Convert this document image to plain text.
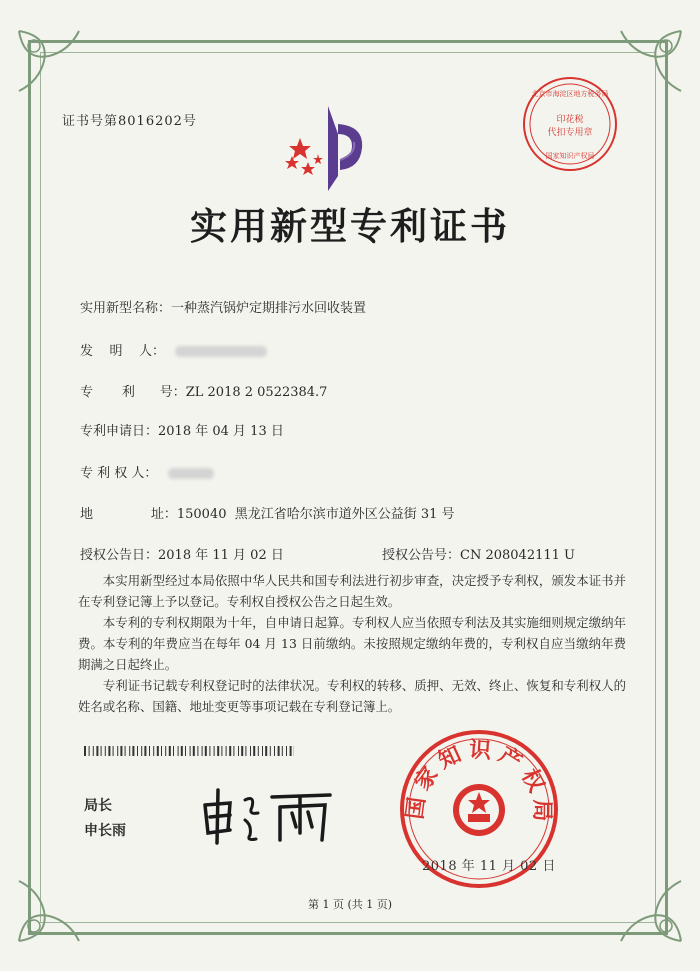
证书号第8016202号
北京市海淀区地方税务局
印花税
代扣专用章
国家知识产权局
实用新型专利证书
实用新型名称：一种蒸汽锅炉定期排污水回收装置
发    明    人：
专       利      号：ZL 2018 2 0522384.7
专利申请日：2018 年 04 月 13 日
专 利 权 人：
地              址：150040  黑龙江省哈尔滨市道外区公益街 31 号
授权公告日：2018 年 11 月 02 日	授权公告号：CN 208042111 U

本实用新型经过本局依照中华人民共和国专利法进行初步审查，决定授予专利权，颁发本证书并在专利登记簿上予以登记。专利权自授权公告之日起生效。

本专利的专利权期限为十年，自申请日起算。专利权人应当依照专利法及其实施细则规定缴纳年费。本专利的年费应当在每年 04 月 13 日前缴纳。未按照规定缴纳年费的，专利权自应当缴纳年费期满之日起终止。

专利证书记载专利权登记时的法律状况。专利权的转移、质押、无效、终止、恢复和专利权人的姓名或名称、国籍、地址变更等事项记载在专利登记簿上。

局长
申长雨
国家知识产权局
2018 年 11 月 02 日
第 1 页 (共 1 页)
